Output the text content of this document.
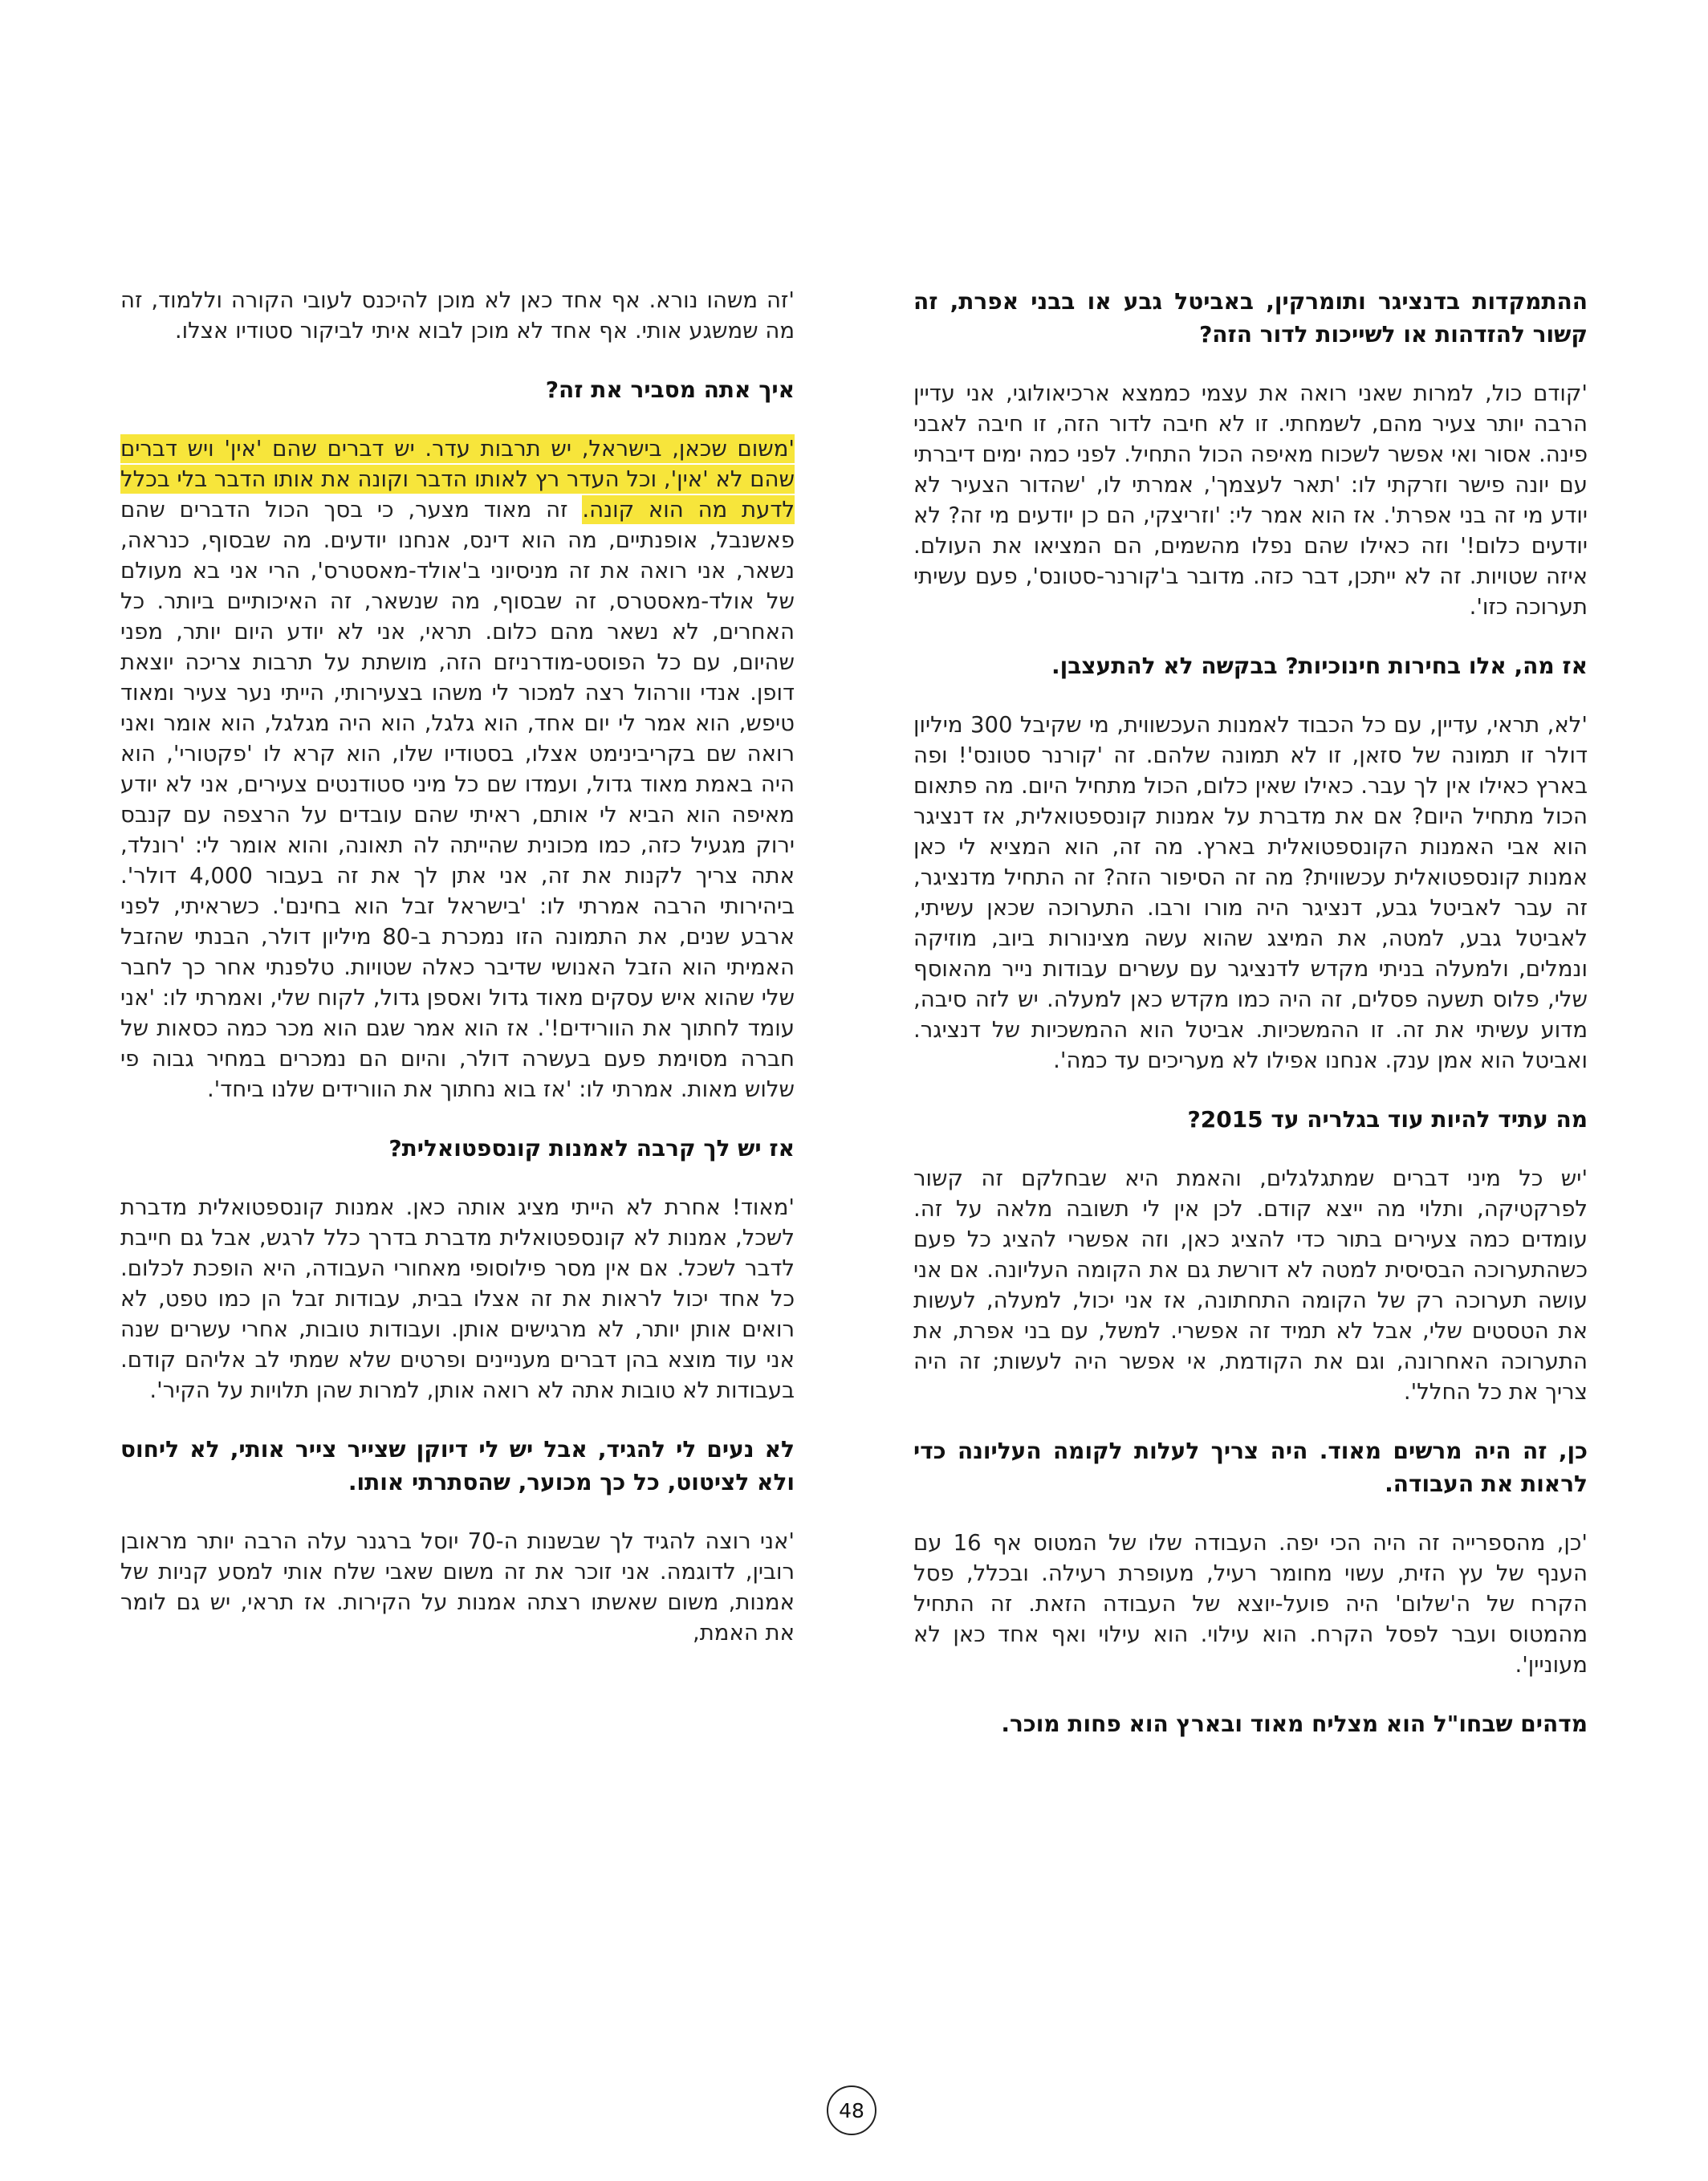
ההתמקדות בדנציגר ותומרקין, באביטל גבע או בבני אפרת, זה קשור להזדהות או לשייכות לדור הזה?

'קודם כול, למרות שאני רואה את עצמי כממצא ארכיאולוגי, אני עדיין הרבה יותר צעיר מהם, לשמחתי. זו לא חיבה לדור הזה, זו חיבה לאבני פינה. אסור ואי אפשר לשכוח מאיפה הכול התחיל. לפני כמה ימים דיברתי עם יונה פישר וזרקתי לו: 'תאר לעצמך', אמרתי לו, 'שהדור הצעיר לא יודע מי זה בני אפרת'. אז הוא אמר לי: 'וזריצקי, הם כן יודעים מי זה? לא יודעים כלום!' וזה כאילו שהם נפלו מהשמים, הם המציאו את העולם. איזה שטויות. זה לא ייתכן, דבר כזה. מדובר ב'קורנר-סטונס', פעם עשיתי תערוכה כזו'.

אז מה, אלו בחירות חינוכיות? בבקשה לא להתעצבן.

'לא, תראי, עדיין, עם כל הכבוד לאמנות העכשווית, מי שקיבל 300 מיליון דולר זו תמונה של סזאן, זו לא תמונה שלהם. זה 'קורנר סטונס'! ופה בארץ כאילו אין לך עבר. כאילו שאין כלום, הכול מתחיל היום. מה פתאום הכול מתחיל היום? אם את מדברת על אמנות קונספטואלית, אז דנציגר הוא אבי האמנות הקונספטואלית בארץ. מה זה, הוא המציא לי כאן אמנות קונספטואלית עכשווית? מה זה הסיפור הזה? זה התחיל מדנציגר, זה עבר לאביטל גבע, דנציגר היה מורו ורבו. התערוכה שכאן עשיתי, לאביטל גבע, למטה, את המיצג שהוא עשה מצינורות ביוב, מוזיקה ונמלים, ולמעלה בניתי מקדש לדנציגר עם עשרים עבודות נייר מהאוסף שלי, פלוס תשעה פסלים, זה היה כמו מקדש כאן למעלה. יש לזה סיבה, מדוע עשיתי את זה. זו ההמשכיות. אביטל הוא ההמשכיות של דנציגר. ואביטל הוא אמן ענק. אנחנו אפילו לא מעריכים עד כמה'.

מה עתיד להיות עוד בגלריה עד 2015?

'יש כל מיני דברים שמתגלגלים, והאמת היא שבחלקם זה קשור לפרקטיקה, ותלוי מה ייצא קודם. לכן אין לי תשובה מלאה על זה. עומדים כמה צעירים בתור כדי להציג כאן, וזה אפשרי להציג כל פעם כשהתערוכה הבסיסית למטה לא דורשת גם את הקומה העליונה. אם אני עושה תערוכה רק של הקומה התחתונה, אז אני יכול, למעלה, לעשות את הטסטים שלי, אבל לא תמיד זה אפשרי. למשל, עם בני אפרת, את התערוכה האחרונה, וגם את הקודמת, אי אפשר היה לעשות; זה היה צריך את כל החלל'.

כן, זה היה מרשים מאוד. היה צריך לעלות לקומה העליונה כדי לראות את העבודה.

'כן, מהספרייה זה היה הכי יפה. העבודה שלו של המטוס אף 16 עם הענף של עץ הזית, עשוי מחומר רעיל, מעופרת רעילה. ובכלל, פסל הקרח של ה'שלום' היה פועל-יוצא של העבודה הזאת. זה התחיל מהמטוס ועבר לפסל הקרח. הוא עילוי. הוא עילוי ואף אחד כאן לא מעוניין'.

מדהים שבחו"ל הוא מצליח מאוד ובארץ הוא פחות מוכר.

'זה משהו נורא. אף אחד כאן לא מוכן להיכנס לעובי הקורה וללמוד, זה מה שמשגע אותי. אף אחד לא מוכן לבוא איתי לביקור סטודיו אצלו.

איך אתה מסביר את זה?

'משום שכאן, בישראל, יש תרבות עדר. יש דברים שהם 'אין' ויש דברים שהם לא 'אין', וכל העדר רץ לאותו הדבר וקונה את אותו הדבר בלי בכלל לדעת מה הוא קונה. זה מאוד מצער, כי בסך הכול הדברים שהם פאשנבל, אופנתיים, מה הוא דינס, אנחנו יודעים. מה שבסוף, כנראה, נשאר, אני רואה את זה מניסיוני ב'אולד-מאסטרס', הרי אני בא מעולם של אולד-מאסטרס, זה שבסוף, מה שנשאר, זה האיכותיים ביותר. כל האחרים, לא נשאר מהם כלום. תראי, אני לא יודע היום יותר, מפני שהיום, עם כל הפוסט-מודרניזם הזה, מושתת על תרבות צריכה יוצאת דופן. אנדי וורהול רצה למכור לי משהו בצעירותי, הייתי נער צעיר ומאוד טיפש, הוא אמר לי יום אחד, הוא גלגל, הוא היה מגלגל, הוא אומר ואני רואה שם בקריבינימט אצלו, בסטודיו שלו, הוא קרא לו 'פקטורי', הוא היה באמת מאוד גדול, ועמדו שם כל מיני סטודנטים צעירים, אני לא יודע מאיפה הוא הביא לי אותם, ראיתי שהם עובדים על הרצפה עם קנבס ירוק מגעיל כזה, כמו מכונית שהייתה לה תאונה, והוא אומר לי: 'רונלד, אתה צריך לקנות את זה, אני אתן לך את זה בעבור 4,000 דולר'. ביהירותי הרבה אמרתי לו: 'בישראל זבל הוא בחינם'. כשראיתי, לפני ארבע שנים, את התמונה הזו נמכרת ב-80 מיליון דולר, הבנתי שהזבל האמיתי הוא הזבל האנושי שדיבר כאלה שטויות. טלפנתי אחר כך לחבר שלי שהוא איש עסקים מאוד גדול ואספן גדול, לקוח שלי, ואמרתי לו: 'אני עומד לחתוך את הוורידים!'. אז הוא אמר שגם הוא מכר כמה כסאות של חברה מסוימת פעם בעשרה דולר, והיום הם נמכרים במחיר גבוה פי שלוש מאות. אמרתי לו: 'אז בוא נחתוך את הוורידים שלנו ביחד'.

אז יש לך קרבה לאמנות קונספטואלית?

'מאוד! אחרת לא הייתי מציג אותה כאן. אמנות קונספטואלית מדברת לשכל, אמנות לא קונספטואלית מדברת בדרך כלל לרגש, אבל גם חייבת לדבר לשכל. אם אין מסר פילוסופי מאחורי העבודה, היא הופכת לכלום. כל אחד יכול לראות את זה אצלו בבית, עבודות זבל הן כמו טפט, לא רואים אותן יותר, לא מרגישים אותן. ועבודות טובות, אחרי עשרים שנה אני עוד מוצא בהן דברים מעניינים ופרטים שלא שמתי לב אליהם קודם. בעבודות לא טובות אתה לא רואה אותן, למרות שהן תלויות על הקיר'.

לא נעים לי להגיד, אבל יש לי דיוקן שצייר צייר אותי, לא ליחוס ולא לציטוט, כל כך מכוער, שהסתרתי אותו.

'אני רוצה להגיד לך שבשנות ה-70 יוסל ברגנר עלה הרבה יותר מראובן רובין, לדוגמה. אני זוכר את זה משום שאבי שלח אותי למסע קניות של אמנות, משום שאשתו רצתה אמנות על הקירות. אז תראי, יש גם לומר את האמת,

48
